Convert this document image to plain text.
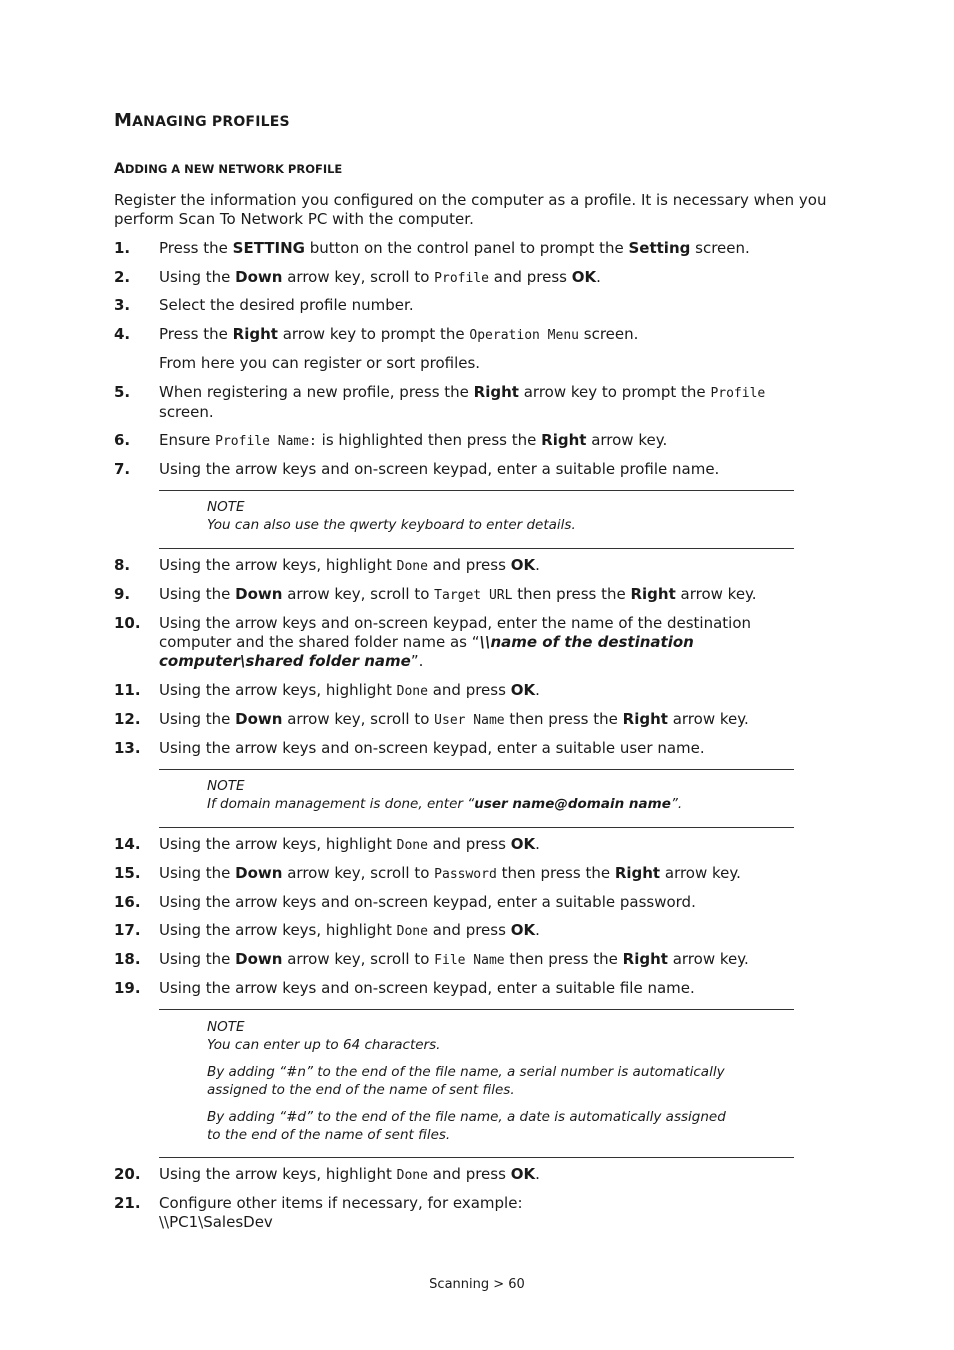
MANAGING PROFILES
ADDING A NEW NETWORK PROFILE
Register the information you configured on the computer as a profile. It is necessary when you perform Scan To Network PC with the computer.
1.	Press the SETTING button on the control panel to prompt the Setting screen.
2.	Using the Down arrow key, scroll to Profile and press OK.
3.	Select the desired profile number.
4.	Press the Right arrow key to prompt the Operation Menu screen.
From here you can register or sort profiles.
5.	When registering a new profile, press the Right arrow key to prompt the Profile
screen.
6.	Ensure Profile Name: is highlighted then press the Right arrow key.
7.	Using the arrow keys and on-screen keypad, enter a suitable profile name.
NOTE
You can also use the qwerty keyboard to enter details.
8.	Using the arrow keys, highlight Done and press OK.
9.	Using the Down arrow key, scroll to Target URL then press the Right arrow key.
10.	Using the arrow keys and on-screen keypad, enter the name of the destination
computer and the shared folder name as “\\name of the destination
computer\shared folder name”.
11.	Using the arrow keys, highlight Done and press OK.
12.	Using the Down arrow key, scroll to User Name then press the Right arrow key.
13.	Using the arrow keys and on-screen keypad, enter a suitable user name.
NOTE
If domain management is done, enter “user name@domain name”.
14.	Using the arrow keys, highlight Done and press OK.
15.	Using the Down arrow key, scroll to Password then press the Right arrow key.
16.	Using the arrow keys and on-screen keypad, enter a suitable password.
17.	Using the arrow keys, highlight Done and press OK.
18.	Using the Down arrow key, scroll to File Name then press the Right arrow key.
19.	Using the arrow keys and on-screen keypad, enter a suitable file name.
NOTE
You can enter up to 64 characters.
By adding “#n” to the end of the file name, a serial number is automatically
assigned to the end of the name of sent files.
By adding “#d” to the end of the file name, a date is automatically assigned
to the end of the name of sent files.
20.	Using the arrow keys, highlight Done and press OK.
21.	Configure other items if necessary, for example:
\\PC1\SalesDev
Scanning > 60
